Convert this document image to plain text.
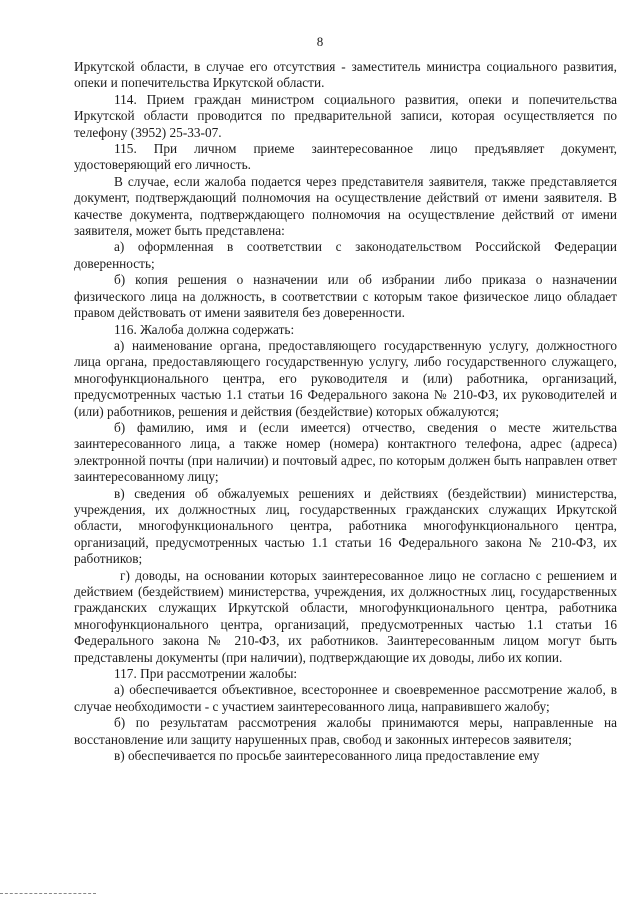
8

Иркутской области, в случае его отсутствия - заместитель министра социального развития, опеки и попечительства Иркутской области.

114. Прием граждан министром социального развития, опеки и попечительства Иркутской области проводится по предварительной записи, которая осуществляется по телефону (3952) 25-33-07.

115. При личном приеме заинтересованное лицо предъявляет документ, удостоверяющий его личность.

В случае, если жалоба подается через представителя заявителя, также представляется документ, подтверждающий полномочия на осуществление действий от имени заявителя. В качестве документа, подтверждающего полномочия на осуществление действий от имени заявителя, может быть представлена:

а) оформленная в соответствии с законодательством Российской Федерации доверенность;

б) копия решения о назначении или об избрании либо приказа о назначении физического лица на должность, в соответствии с которым такое физическое лицо обладает правом действовать от имени заявителя без доверенности.

116. Жалоба должна содержать:

а) наименование органа, предоставляющего государственную услугу, должностного лица органа, предоставляющего государственную услугу, либо государственного служащего, многофункционального центра, его руководителя и (или) работника, организаций, предусмотренных частью 1.1 статьи 16 Федерального закона № 210-ФЗ, их руководителей и (или) работников, решения и действия (бездействие) которых обжалуются;

б) фамилию, имя и (если имеется) отчество, сведения о месте жительства заинтересованного лица, а также номер (номера) контактного телефона, адрес (адреса) электронной почты (при наличии) и почтовый адрес, по которым должен быть направлен ответ заинтересованному лицу;

в) сведения об обжалуемых решениях и действиях (бездействии) министерства, учреждения, их должностных лиц, государственных гражданских служащих Иркутской области, многофункционального центра, работника многофункционального центра, организаций, предусмотренных частью 1.1 статьи 16 Федерального закона № 210-ФЗ, их работников;

г) доводы, на основании которых заинтересованное лицо не согласно с решением и действием (бездействием) министерства, учреждения, их должностных лиц, государственных гражданских служащих Иркутской области, многофункционального центра, работника многофункционального центра, организаций, предусмотренных частью 1.1 статьи 16 Федерального закона № 210-ФЗ, их работников. Заинтересованным лицом могут быть представлены документы (при наличии), подтверждающие их доводы, либо их копии.

117. При рассмотрении жалобы:

а) обеспечивается объективное, всестороннее и своевременное рассмотрение жалоб, в случае необходимости - с участием заинтересованного лица, направившего жалобу;

б) по результатам рассмотрения жалобы принимаются меры, направленные на восстановление или защиту нарушенных прав, свобод и законных интересов заявителя;

в) обеспечивается по просьбе заинтересованного лица предоставление ему
